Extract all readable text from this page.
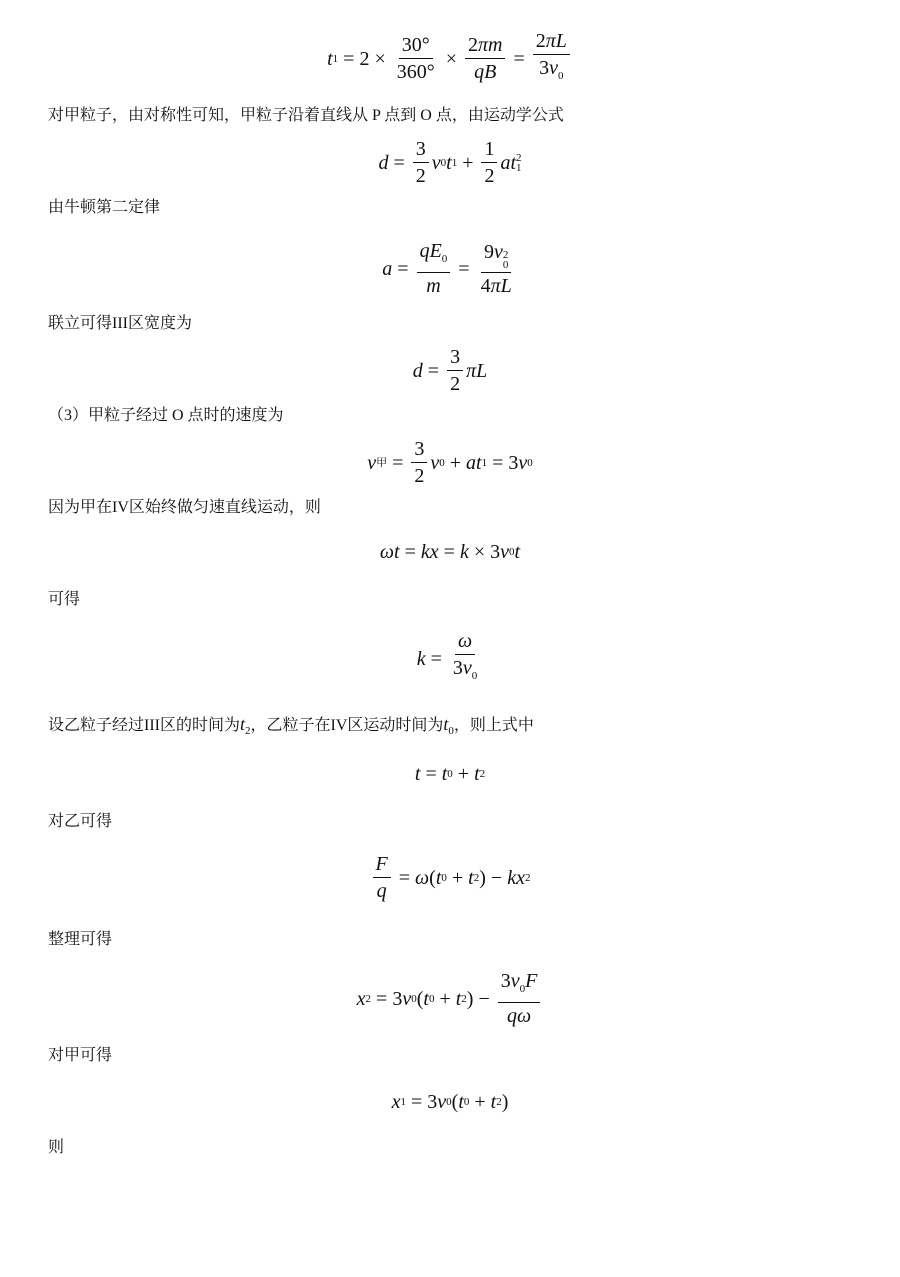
t $1 = 2 \times \frac{30^\circ}{360^\circ} \times \frac{2\pi m}{qB} = \frac{2\pi L}{3v_0}$
对甲粒子，由对称性可知，甲粒子沿着直线从 P 点到 O 点，由运动学公式
$d = \frac{3}{2}$ v 0 t $1 + \frac{1}{2}$ at 2
1
由牛顿第二定律
$a = \frac{qE_0}{m} = 9v$ 2
0
4πL
联立可得III区宽度为
$d = \frac{3}{2}$ πL
（3）甲粒子经过 O 点时的速度为
v 甲 = $\frac{3}{2}$ v 0 + at 1 = 3 v 0
因为甲在IV区始终做匀速直线运动，则
ωt = kx = k × 3 v 0 t
可得
$k = \frac{\omega}{3v_0}$
设乙粒子经过III区的时间为$t_2$，乙粒子在IV区运动时间为$t_0$，则上式中
t = t 0 + t 2
对乙可得
$\frac{F}{q} = \omega$ ( t 0 + t 2 ) − kx 2
整理可得
x 2 = 3 v 0 ( t 0 + t 2 ) − $\frac{3v_0F}{q\omega}$
对甲可得
x 1 = 3 v 0 ( t 0 + t 2 )
则
